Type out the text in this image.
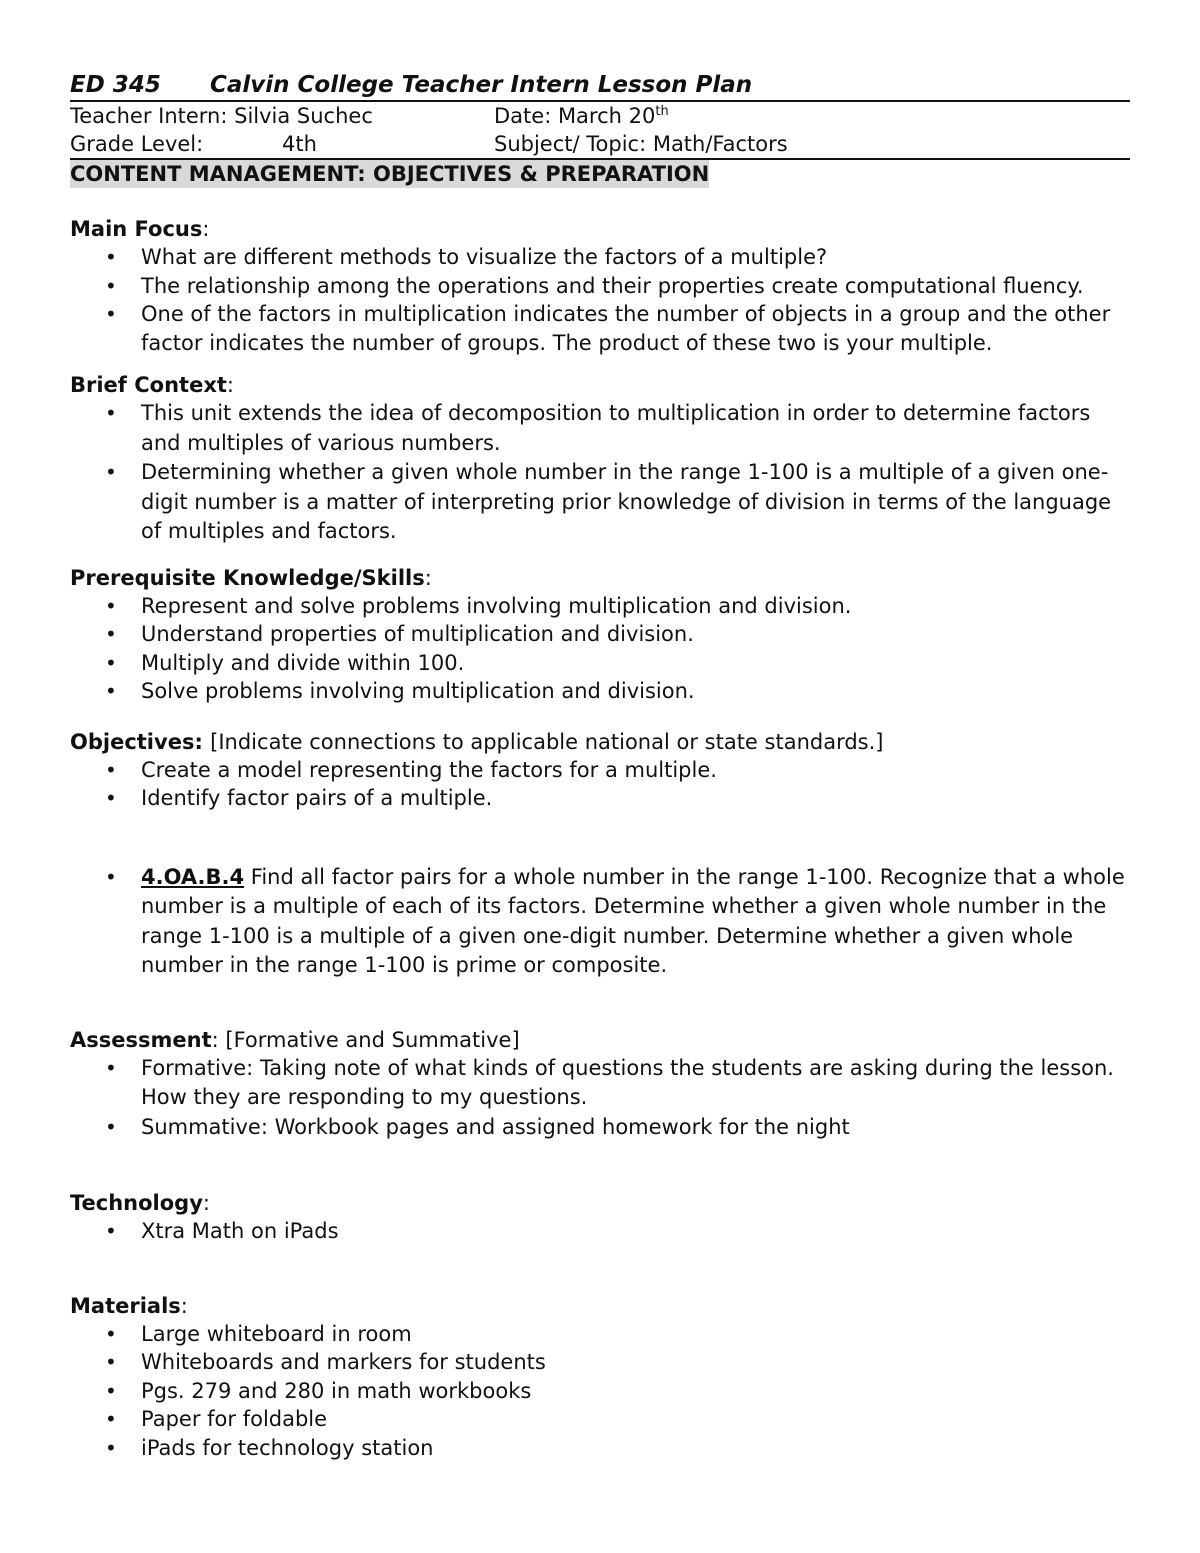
ED 345 Calvin College Teacher Intern Lesson Plan
Teacher Intern: Silvia Suchec	Date: March 20th
Grade Level:	4th	Subject/ Topic: Math/Factors
CONTENT MANAGEMENT: OBJECTIVES & PREPARATION
Main Focus:
• What are different methods to visualize the factors of a multiple?
• The relationship among the operations and their properties create computational fluency.
• One of the factors in multiplication indicates the number of objects in a group and the other factor indicates the number of groups. The product of these two is your multiple.
Brief Context:
• This unit extends the idea of decomposition to multiplication in order to determine factors and multiples of various numbers.
• Determining whether a given whole number in the range 1-100 is a multiple of a given one-digit number is a matter of interpreting prior knowledge of division in terms of the language of multiples and factors.
Prerequisite Knowledge/Skills:
• Represent and solve problems involving multiplication and division.
• Understand properties of multiplication and division.
• Multiply and divide within 100.
• Solve problems involving multiplication and division.
Objectives: [Indicate connections to applicable national or state standards.]
• Create a model representing the factors for a multiple.
• Identify factor pairs of a multiple.
• 4.OA.B.4 Find all factor pairs for a whole number in the range 1-100. Recognize that a whole number is a multiple of each of its factors. Determine whether a given whole number in the range 1-100 is a multiple of a given one-digit number. Determine whether a given whole number in the range 1-100 is prime or composite.
Assessment: [Formative and Summative]
• Formative: Taking note of what kinds of questions the students are asking during the lesson. How they are responding to my questions.
• Summative: Workbook pages and assigned homework for the night
Technology:
• Xtra Math on iPads
Materials:
• Large whiteboard in room
• Whiteboards and markers for students
• Pgs. 279 and 280 in math workbooks
• Paper for foldable
• iPads for technology station
